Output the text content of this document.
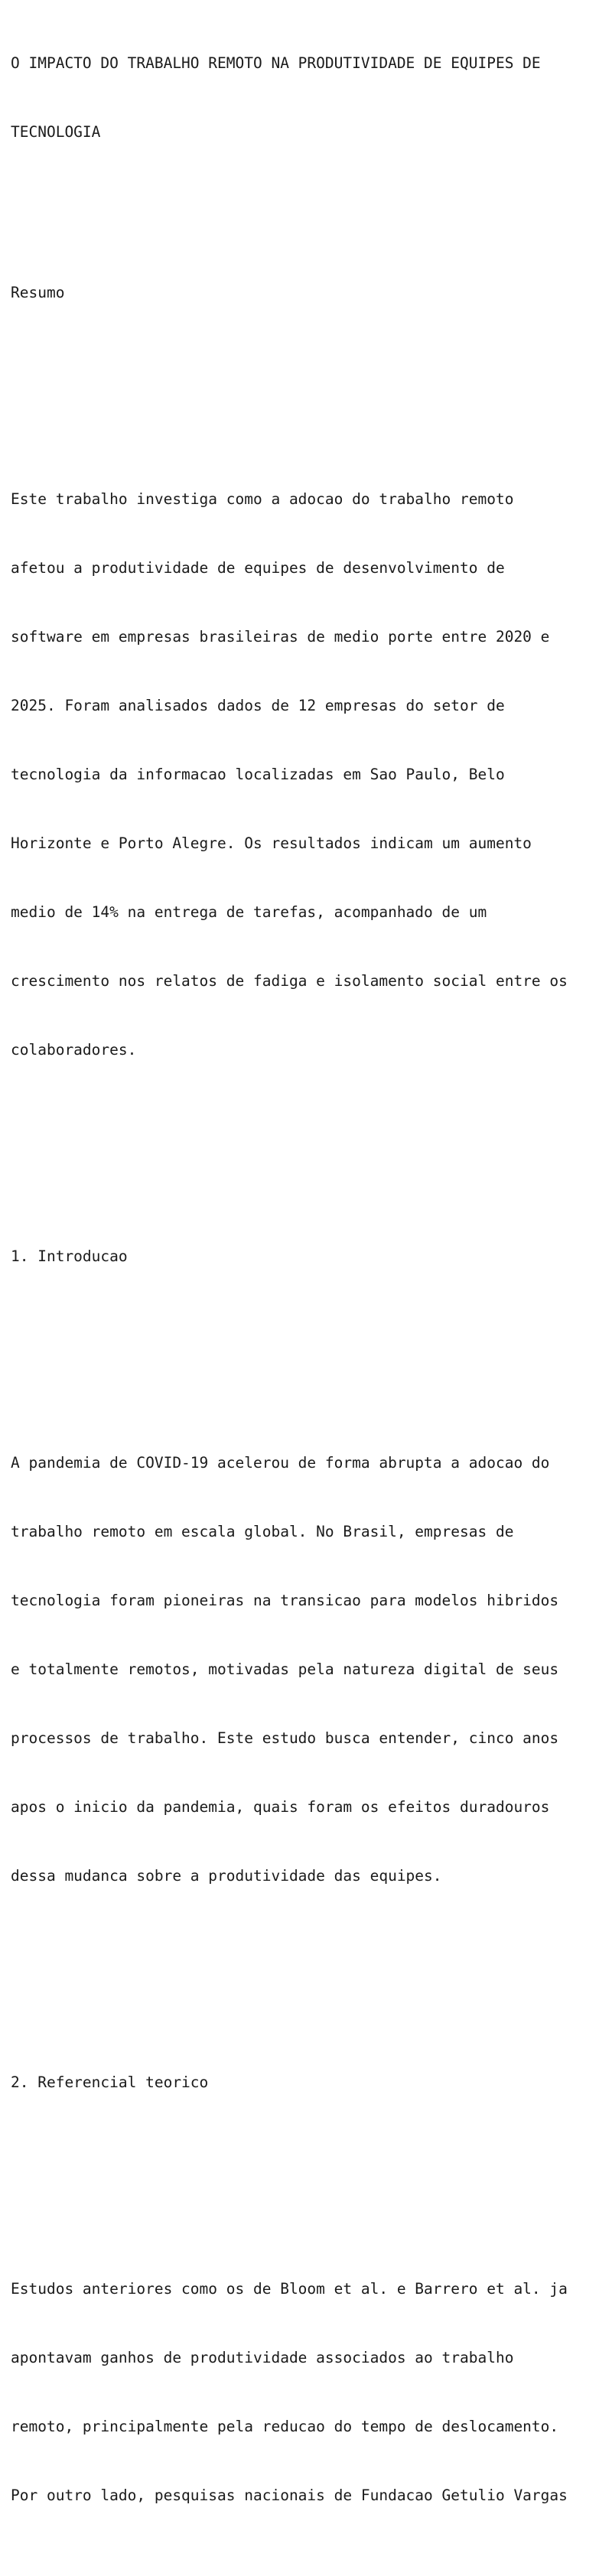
O IMPACTO DO TRABALHO REMOTO NA PRODUTIVIDADE DE EQUIPES DE

TECNOLOGIA

Resumo

Este trabalho investiga como a adocao do trabalho remoto

afetou a produtividade de equipes de desenvolvimento de

software em empresas brasileiras de medio porte entre 2020 e

2025. Foram analisados dados de 12 empresas do setor de

tecnologia da informacao localizadas em Sao Paulo, Belo

Horizonte e Porto Alegre. Os resultados indicam um aumento

medio de 14% na entrega de tarefas, acompanhado de um

crescimento nos relatos de fadiga e isolamento social entre os

colaboradores.

1. Introducao

A pandemia de COVID-19 acelerou de forma abrupta a adocao do

trabalho remoto em escala global. No Brasil, empresas de

tecnologia foram pioneiras na transicao para modelos hibridos

e totalmente remotos, motivadas pela natureza digital de seus

processos de trabalho. Este estudo busca entender, cinco anos

apos o inicio da pandemia, quais foram os efeitos duradouros

dessa mudanca sobre a produtividade das equipes.

2. Referencial teorico

Estudos anteriores como os de Bloom et al. e Barrero et al. ja

apontavam ganhos de produtividade associados ao trabalho

remoto, principalmente pela reducao do tempo de deslocamento.

Por outro lado, pesquisas nacionais de Fundacao Getulio Vargas
